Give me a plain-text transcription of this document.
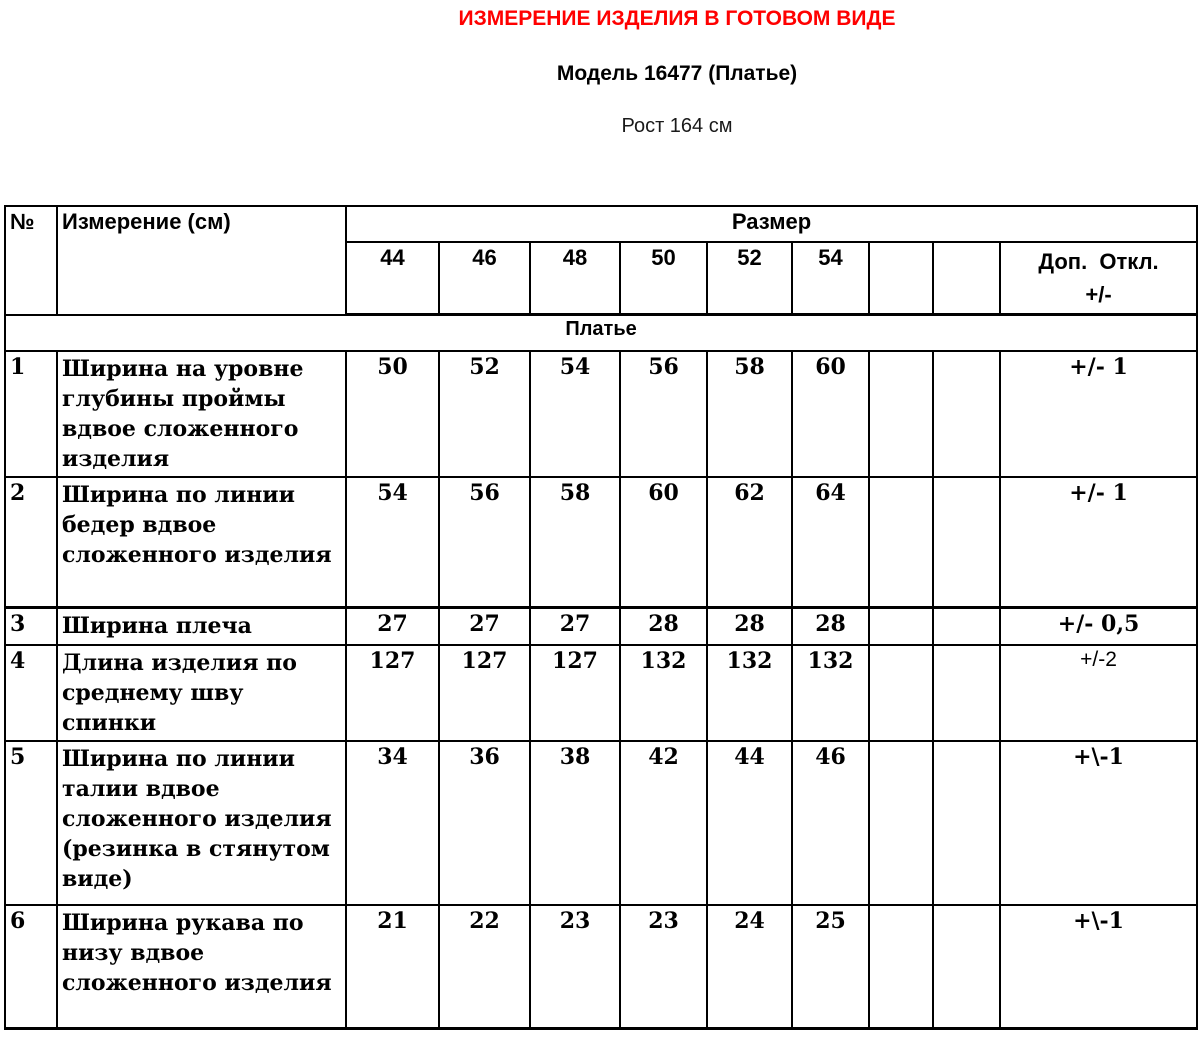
ИЗМЕРЕНИЕ ИЗДЕЛИЯ В ГОТОВОМ ВИДЕ
Модель 16477 (Платье)
Рост 164 см
№	Измерение (см)	Размер								
		44	46	48	50	52	54			Доп.  Откл.
+/-

Платье										
1	Ширина на уровне глубины проймы вдвое сложенного изделия	50	52	54	56	58	60			+/- 1
2	Ширина по линии бедер вдвое сложенного изделия	54	56	58	60	62	64			+/- 1
3	Ширина плеча	27	27	27	28	28	28			+/- 0,5
4	Длина изделия по среднему шву спинки	127	127	127	132	132	132			+/-2
5	Ширина по линии талии вдвое сложенного изделия (резинка в стянутом виде)	34	36	38	42	44	46			+\-1
6	Ширина рукава по низу вдвое сложенного изделия	21	22	23	23	24	25			+\-1
